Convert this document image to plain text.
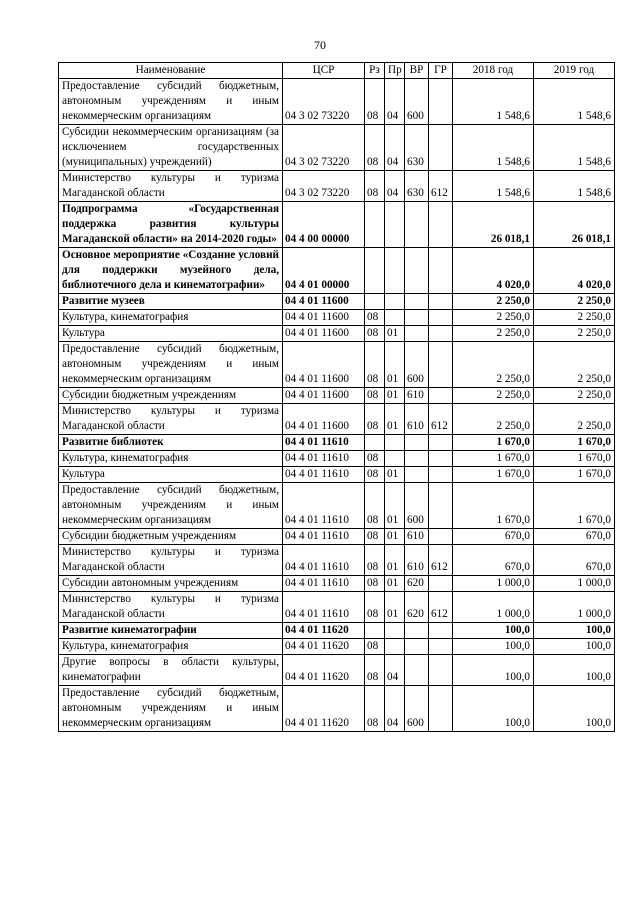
70
Наименование	ЦСР	Рз	Пр	ВР	ГР	2018 год	2019 год
Предоставление субсидий бюджетным, автономным учреждениям и иным некоммерческим организациям	04 3 02 73220	08	04	600		1 548,6	1 548,6
Субсидии некоммерческим организациям (за исключением государственных (муниципальных) учреждений)	04 3 02 73220	08	04	630		1 548,6	1 548,6
Министерство культуры и туризма Магаданской области	04 3 02 73220	08	04	630	612	1 548,6	1 548,6
Подпрограмма «Государственная поддержка развития культуры Магаданской области» на 2014-2020 годы»	04 4 00 00000					26 018,1	26 018,1
Основное мероприятие «Создание условий для поддержки музейного дела, библиотечного дела и кинематографии»	04 4 01 00000					4 020,0	4 020,0
Развитие музеев	04 4 01 11600					2 250,0	2 250,0
Культура, кинематография	04 4 01 11600	08				2 250,0	2 250,0
Культура	04 4 01 11600	08	01			2 250,0	2 250,0
Предоставление субсидий бюджетным, автономным учреждениям и иным некоммерческим организациям	04 4 01 11600	08	01	600		2 250,0	2 250,0
Субсидии бюджетным учреждениям	04 4 01 11600	08	01	610		2 250,0	2 250,0
Министерство культуры и туризма Магаданской области	04 4 01 11600	08	01	610	612	2 250,0	2 250,0
Развитие библиотек	04 4 01 11610					1 670,0	1 670,0
Культура, кинематография	04 4 01 11610	08				1 670,0	1 670,0
Культура	04 4 01 11610	08	01			1 670,0	1 670,0
Предоставление субсидий бюджетным, автономным учреждениям и иным некоммерческим организациям	04 4 01 11610	08	01	600		1 670,0	1 670,0
Субсидии бюджетным учреждениям	04 4 01 11610	08	01	610		670,0	670,0
Министерство культуры и туризма Магаданской области	04 4 01 11610	08	01	610	612	670,0	670,0
Субсидии автономным учреждениям	04 4 01 11610	08	01	620		1 000,0	1 000,0
Министерство культуры и туризма Магаданской области	04 4 01 11610	08	01	620	612	1 000,0	1 000,0
Развитие кинематографии	04 4 01 11620					100,0	100,0
Культура, кинематография	04 4 01 11620	08				100,0	100,0
Другие вопросы в области культуры, кинематографии	04 4 01 11620	08	04			100,0	100,0
Предоставление субсидий бюджетным, автономным учреждениям и иным некоммерческим организациям	04 4 01 11620	08	04	600		100,0	100,0
